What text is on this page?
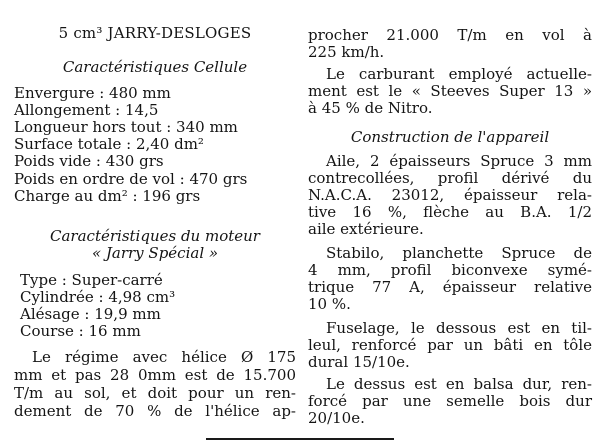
5 cm³ JARRY-DESLOGES
Caractéristiques Cellule
Envergure : 480 mm
Allongement : 14,5
Longueur hors tout : 340 mm
Surface totale : 2,40 dm²
Poids vide : 430 grs
Poids en ordre de vol : 470 grs
Charge au dm² : 196 grs
Caractéristiques du moteur
« Jarry Spécial »
Type : Super-carré
Cylindrée : 4,98 cm³
Alésage : 19,9 mm
Course : 16 mm
Le régime avec hélice Ø 175
mm et pas 28 0mm est de 15.700
T/m au sol, et doit pour un ren-
dement de 70 % de l'hélice ap-
procher 21.000 T/m en vol à
225 km/h.
Le carburant employé actuelle-
ment est le « Steeves Super 13 »
à 45 % de Nitro.
Construction de l'appareil
Aile, 2 épaisseurs Spruce 3 mm
contrecollées, profil dérivé du
N.A.C.A. 23012, épaisseur rela-
tive 16 %, flèche au B.A. 1/2
aile extérieure.
Stabilo, planchette Spruce de
4 mm, profil biconvexe symé-
trique 77 A, épaisseur relative
10 %.
Fuselage, le dessous est en til-
leul, renforcé par un bâti en tôle
dural 15/10e.
Le dessus est en balsa dur, ren-
forcé par une semelle bois dur
20/10e.
